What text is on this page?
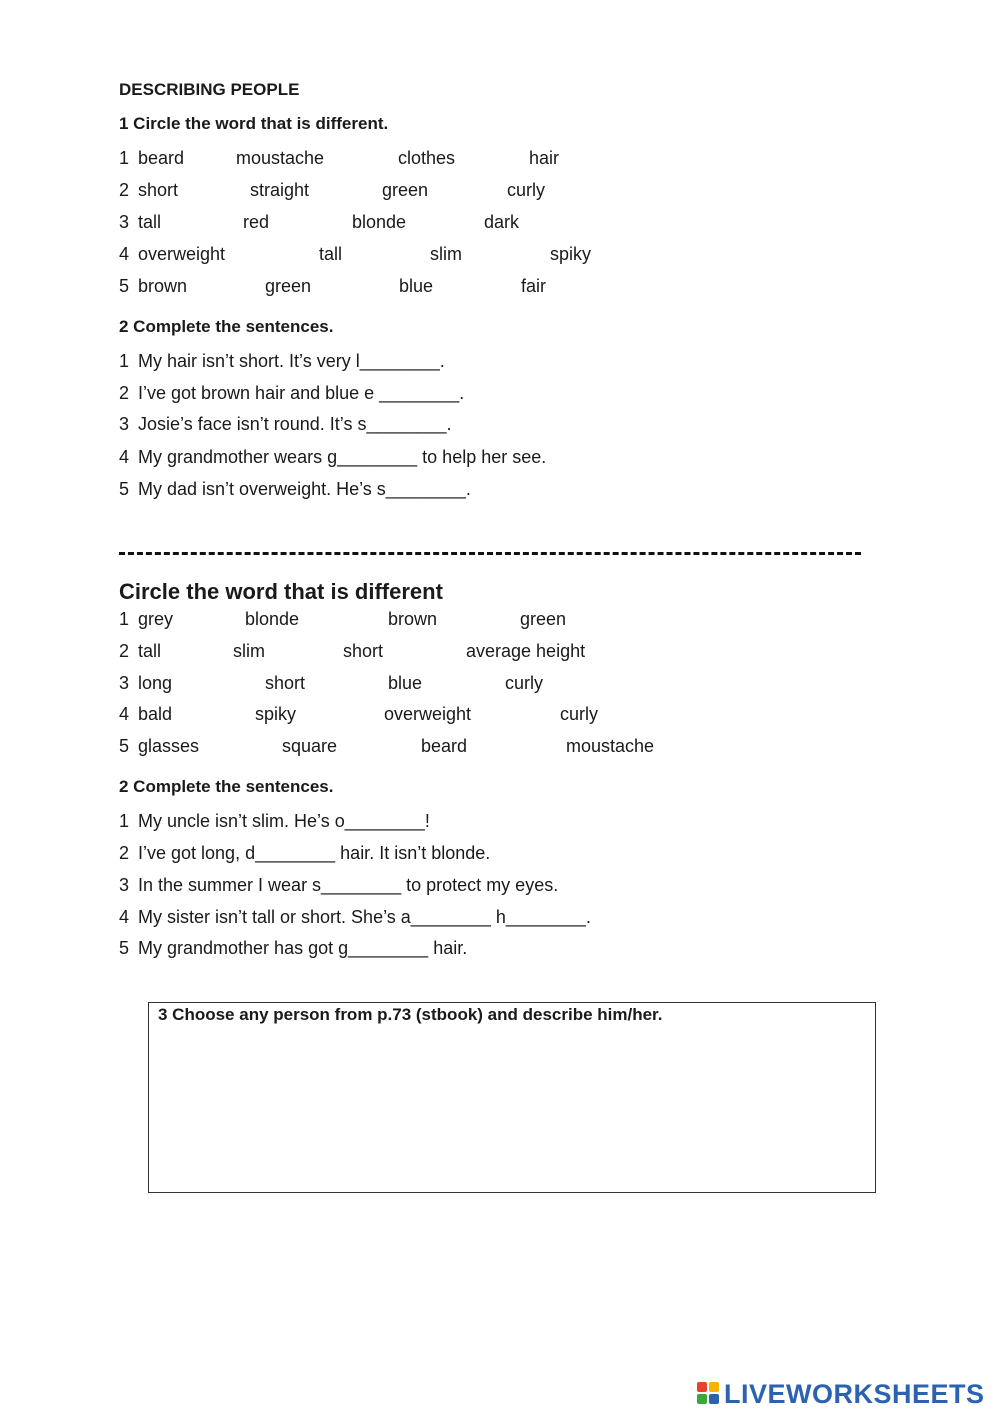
DESCRIBING PEOPLE
1 Circle the word that is different.
1 beard	moustache	clothes	hair
2 short	straight	green	curly
3 tall	red	blonde	dark
4 overweight	tall	slim	spiky
5 brown	green	blue	fair
2 Complete the sentences.
1 My hair isn’t short. It’s very l________.
2 I’ve got brown hair and blue e ________.
3 Josie’s face isn’t round. It’s s________.
4 My grandmother wears g________ to help her see.
5 My dad isn’t overweight. He’s s________.
Circle the word that is different
1 grey	blonde	brown	green
2 tall	slim	short	average height
3 long	short	blue	curly
4 bald	spiky	overweight	curly
5 glasses	square	beard	moustache
2 Complete the sentences.
1 My uncle isn’t slim. He’s o________!
2 I’ve got long, d________ hair. It isn’t blonde.
3 In the summer I wear s________ to protect my eyes.
4 My sister isn’t tall or short. She’s a________ h________.
5 My grandmother has got g________ hair.
3 Choose any person from p.73 (stbook) and describe him/her.
LIVEWORKSHEETS
